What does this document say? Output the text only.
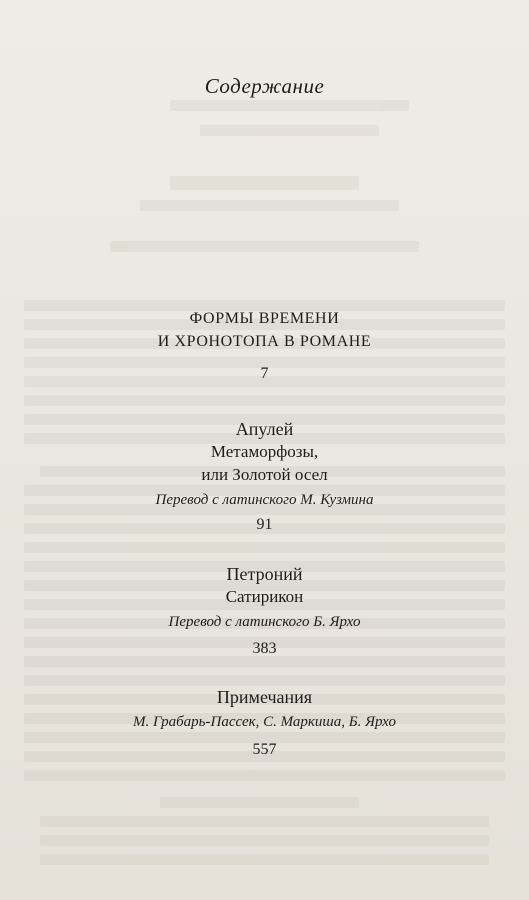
Содержание
ФОРМЫ ВРЕМЕНИ
И ХРОНОТОПА В РОМАНЕ
7
Апулей
Метаморфозы,
или Золотой осел
Перевод с латинского М. Кузмина
91
Петроний
Сатирикон
Перевод с латинского Б. Ярхо
383
Примечания
М. Грабарь-Пассек, С. Маркиша, Б. Ярхо
557
